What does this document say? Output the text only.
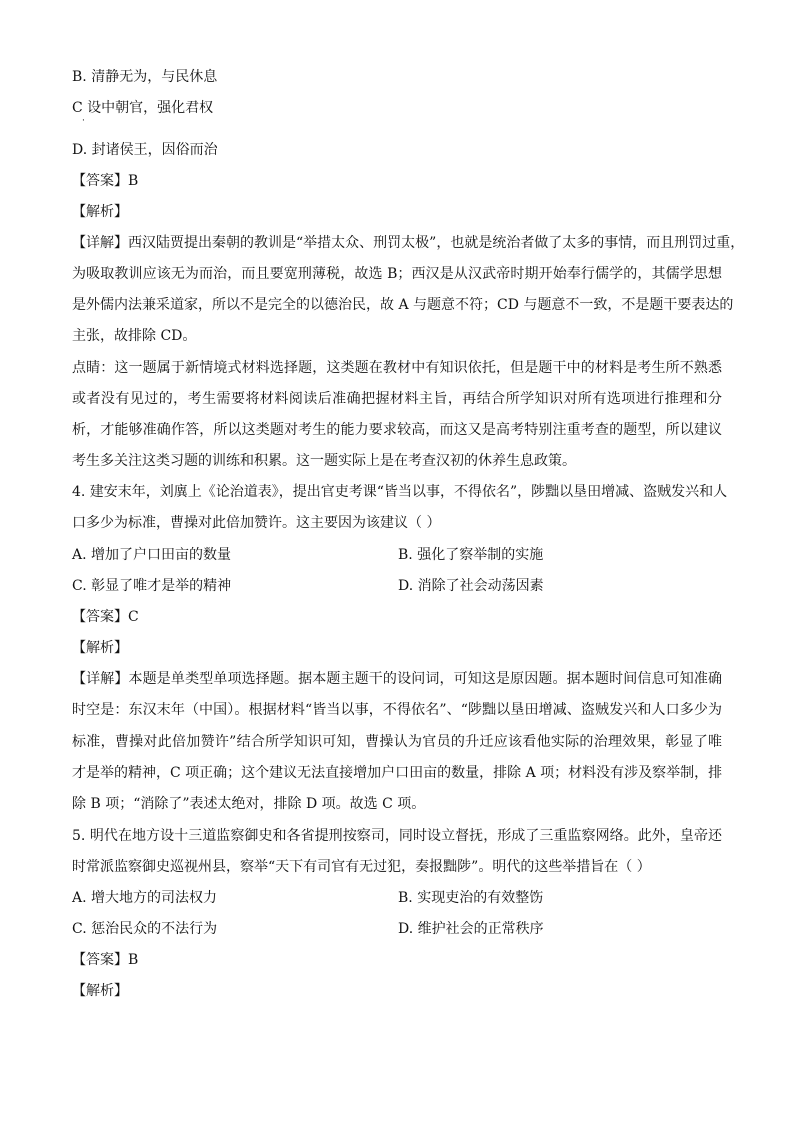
B. 清静无为，与民休息
C 设中朝官，强化君权
·
D. 封诸侯王，因俗而治
【答案】B
【解析】
【详解】西汉陆贾提出秦朝的教训是“举措太众、刑罚太极”，也就是统治者做了太多的事情，而且刑罚过重，
为吸取教训应该无为而治，而且要宽刑薄税，故选 B；西汉是从汉武帝时期开始奉行儒学的，其儒学思想
是外儒内法兼采道家，所以不是完全的以德治民，故 A 与题意不符；CD 与题意不一致，不是题干要表达的
主张，故排除 CD。
点睛：这一题属于新情境式材料选择题，这类题在教材中有知识依托，但是题干中的材料是考生所不熟悉
或者没有见过的，考生需要将材料阅读后准确把握材料主旨，再结合所学知识对所有选项进行推理和分
析，才能够准确作答，所以这类题对考生的能力要求较高，而这又是高考特别注重考查的题型，所以建议
考生多关注这类习题的训练和积累。这一题实际上是在考查汉初的休养生息政策。
4. 建安末年，刘廙上《论治道表》，提出官吏考课“皆当以事，不得依名”，陟黜以垦田增减、盗贼发兴和人
口多少为标准，曹操对此倍加赞许。这主要因为该建议（ ）
A. 增加了户口田亩的数量	B. 强化了察举制的实施
C. 彰显了唯才是举的精神	D. 消除了社会动荡因素
【答案】C
【解析】
【详解】本题是单类型单项选择题。据本题主题干的设问词，可知这是原因题。据本题时间信息可知准确
时空是：东汉末年（中国）。根据材料“皆当以事，不得依名”、“陟黜以垦田增减、盗贼发兴和人口多少为
标准，曹操对此倍加赞许”结合所学知识可知，曹操认为官员的升迁应该看他实际的治理效果，彰显了唯
才是举的精神，C 项正确；这个建议无法直接增加户口田亩的数量，排除 A 项；材料没有涉及察举制，排
除 B 项；“消除了”表述太绝对，排除 D 项。故选 C 项。
5. 明代在地方设十三道监察御史和各省提刑按察司，同时设立督抚，形成了三重监察网络。此外，皇帝还
时常派监察御史巡视州县，察举“天下有司官有无过犯，奏报黜陟”。明代的这些举措旨在（ ）
A. 增大地方的司法权力	B. 实现吏治的有效整饬
C. 惩治民众的不法行为	D. 维护社会的正常秩序
【答案】B
【解析】
